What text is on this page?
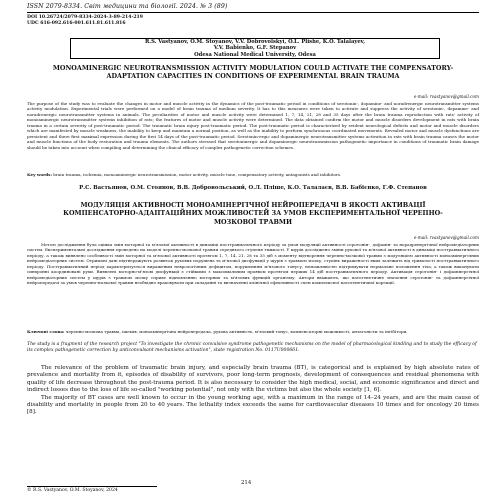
ISSN 2079-8334. Світ медицини та біології. 2024. № 3 (89)
DOI 10.26724/2079-8334-2024-3-89-214-219
UDC 616-092.616-001.611.81.611.816
R.S. Vastyanov, O.M. Stoyanov, V.V. Dobrovolskyi, O.L. Plishе, K.O. Talalayev,
V.V. Babienko, G.F. Stepanov
Odesa National Medical University, Odesa
MONOAMINERGIC NEUROTRANSMISSION ACTIVITY MODULATION COULD ACTIVATE THE COMPENSATORY-ADAPTATION CAPACITIES IN CONDITIONS OF EXPERIMENTAL BRAIN TRAUMA
e-mail: rvastyanov@gmail.com
The purpose of the study was to evaluate the changes in motor and muscle activity in the dynamics of the post-traumatic period in conditions of serotonin-, dopamine- and noradrenergic neurotransmitter systems activity modulation. Experimental trials were performed on a model of brain trauma of medium severity. It has to this measures were taken to activate and suppress the activity of serotonin-, dopamine- and noradrenergic neurotransmitter systems in animals. The peculiarities of motor and muscle activity were determined 1, 7, 14, 21, 28 and 35 days after the brain trauma reproduction with rats' activity of monoaminergic neurotransmitter systems inhibition of rats; the features of motor and muscle activity were determined. The data obtained confirm the motor and muscle disorders development in rats with brain trauma in a certain severity of post-traumatic period. The traumatic brain injury post-traumatic period. The post-traumatic period is characterized by evident neurological deficits and motor and muscle disorders which are manifested by muscle weakness, the inability to keep and maintain a normal position, as well as the inability to perform synchronous coordinated movements. Revealed motor and muscle dysfunctions are persistent and there first maximal expression during the first 14 days of the post-traumatic period. Serotonin-ergic and dopaminergic neurotransmitter systems activation in rats with brain trauma causes the motor and muscle functions of the body restoration and trauma elements. The authors stressed that serotoninergic and dopaminergic neurotransmission pathogenetic importance in conditions of traumatic brain damage should be taken into account when compiling and determining the clinical efficacy of complex pathogenetic correction schemes.
Key words: brain trauma, ischemia, monoaminergic neurotransmission, motor activity, muscle tone, compensatory activity, antagonists and inhibitors.
Р.С. Вастьянов, О.М. Стоянов, В.В. Добровольський, О.Л. Плішe, К.О. Талалаєв, В.В. Бабієнко, Г.Ф. Степанов
МОДУЛЯЦІЯ АКТИВНОСТІ МОНОАМІНЕРГІЧНОЇ НЕЙРОПЕРЕДАЧІ В ЯКОСТІ АКТИВАЦІЇ КОМПЕНСАТОРНО-АДАПТАЦІЙНИХ МОЖЛИВОСТЕЙ ЗА УМОВ ЕКСПЕРИМЕНТАЛЬНОЇ ЧЕРЕПНО-МОЗКОВОЇ ТРАВМИ
e-mail: rvastyanov@gmail.com
Метою дослідження була оцінка змін моторної та м'язової активності в динаміці посттравматичного періоду за умов модуляції активності серотонін-, дофамін- та норадренергічної нейромедіаторних систем. Експериментальні дослідження проведено на моделі черепно-мозкової травми середнього ступеня тяжкості. У щурів досліджено зміни рухової та м'язової активності в динаміці посттравматичного періоду, а також виявлено особливості змін моторної та м'язової активності протягом 1, 7, 14, 21, 28 та 35 діб з моменту відтворення черепно-мозкової травми з модуляцією активності моноамінергічних нейромедіаторних систем. Отримані дані підтверджують розвиток рухових порушень та м'язової дисфункції у щурів з травмою мозку, ступінь вираженості яких залежить від тривалості посттравматичного періоду. Посттравматичний період характеризується вираженим неврологічним дефіцитом, порушенням м'язового тонусу, неможливістю підтримувати нормальне положення тіла, а також виконувати синхронні координовані рухи. Виявлені моторно-м'язові дисфункції є стійкими з максимальним проявом протягом перших 14 діб посттравматичного періоду. Активація серотонін- і дофамінергічної нейромедіаторних систем у щурів з травмою мозку сприяє відновленню моторних та м'язових функцій організму. Автори вважають, що патогенетичне значення серотонін- та дофамінергічної нейропередачі за умов черепно-мозкової травми необхідно враховувати при складанні та визначенні клінічної ефективності схем комплексної патогенетичної корекції.
Ключові слова: черепно-мозкова травма, ішемія, моноамінергічна нейропередача, рухова активність, м'язовий тонус, компенсаторні можливості, антагоністи та інгібітори.
The study is a fragment of the research project "To investigate the chronic convulsive syndrome pathogenetic mechanisms on the model of pharmacological kindling and to study the efficacy of its complex pathogenetic correction by anticonvulsant mechanisms activation", state registration No. 0117U000661.

The relevance of the problem of traumatic brain injury, and especially brain trauma (BT), is categorical and is explained by high absolute rates of prevalence and mortality from it, episodes of disability of survivors, poor long-term prognosis, development of consequences and residual phenomena with quality of life decrease throughout the post-trauma period. It is also necessary to consider the high medical, social, and economic significance and direct and indirect losses due to the loss of life so-called "working potential", not only with the victims but also the whole society [1, 6].

The majority of BT cases are well known to occur in the young working age, with a maximum in the range of 14–24 years, and are the main cause of disability and mortality in people from 20 to 40 years. The lethality index exceeds the same for cardiovascular diseases 10 times and for oncology 20 times [8].

214
© R.S. Vastyanov, O.M. Stoyanov, 2024
